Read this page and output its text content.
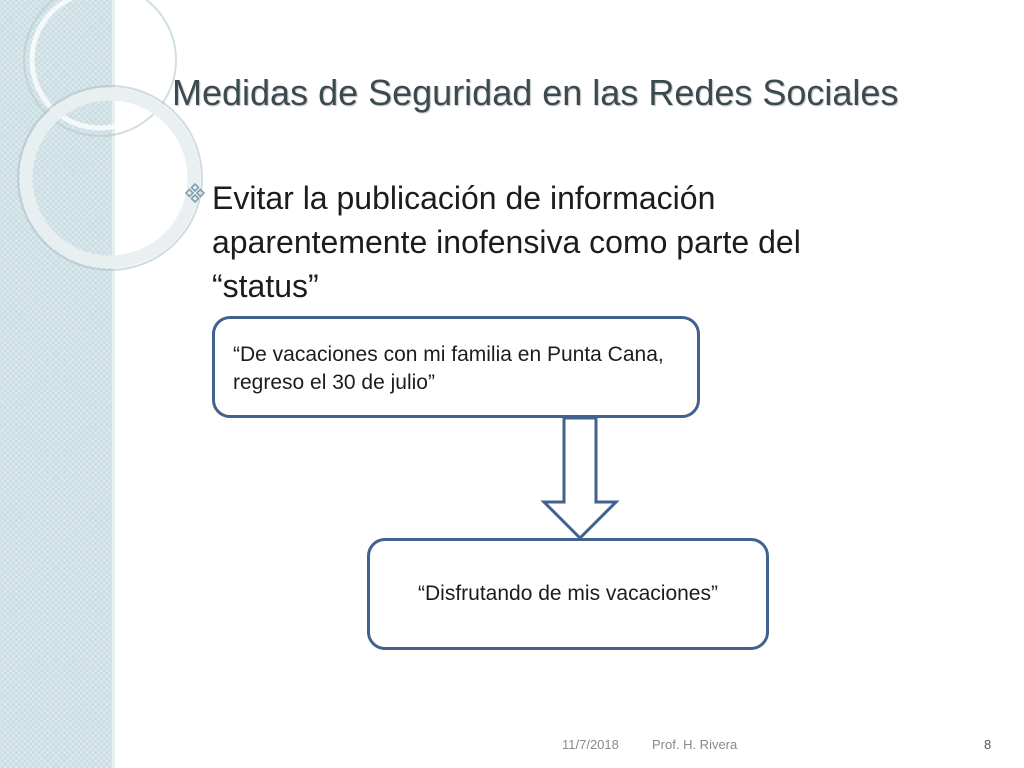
Medidas de Seguridad en las Redes Sociales
Evitar la publicación de información aparentemente inofensiva como parte del “status”
“De vacaciones con mi familia en Punta Cana, regreso el 30 de julio”
“Disfrutando de mis vacaciones”
11/7/2018	Prof. H. Rivera	8
